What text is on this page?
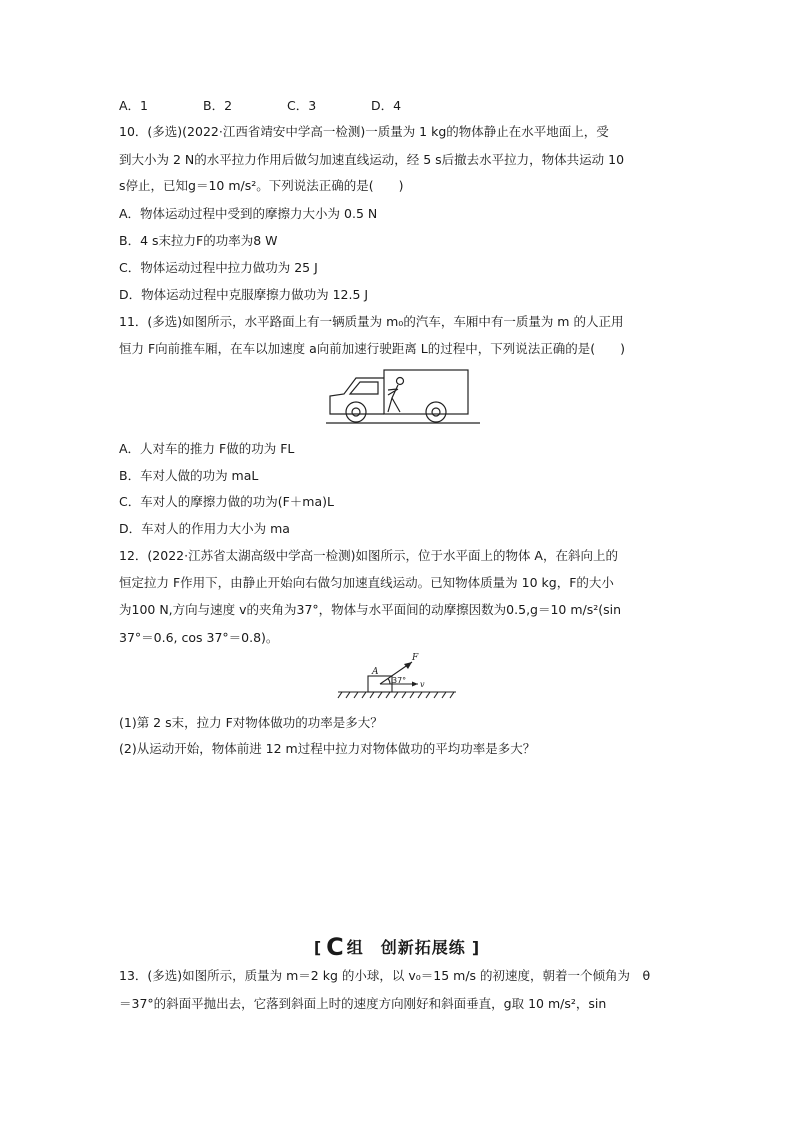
A．1	B．2	C．3	D．4
10．(多选)(2022·江西省靖安中学高一检测)一质量为 1 kg的物体静止在水平地面上，受
到大小为 2 N的水平拉力作用后做匀加速直线运动，经 5 s后撤去水平拉力，物体共运动 10
s停止，已知g＝10 m/s²。下列说法正确的是(　　)
A．物体运动过程中受到的摩擦力大小为 0.5 N
B．4 s末拉力F的功率为8 W
C．物体运动过程中拉力做功为 25 J
D．物体运动过程中克服摩擦力做功为 12.5 J
11．(多选)如图所示，水平路面上有一辆质量为 m₀的汽车，车厢中有一质量为 m 的人正用
恒力 F向前推车厢，在车以加速度 a向前加速行驶距离 L的过程中，下列说法正确的是(　　)
A．人对车的推力 F做的功为 FL
B．车对人做的功为 maL
C．车对人的摩擦力做的功为(F＋ma)L
D．车对人的作用力大小为 ma
12．(2022·江苏省太湖高级中学高一检测)如图所示，位于水平面上的物体 A，在斜向上的
恒定拉力 F作用下，由静止开始向右做匀加速直线运动。已知物体质量为 10 kg，F的大小
为100 N,方向与速度 v的夹角为37°，物体与水平面间的动摩擦因数为0.5,g＝10 m/s²(sin
37°＝0.6, cos 37°＝0.8)。
A
F
37° v
(1)第 2 s末，拉力 F对物体做功的功率是多大？
(2)从运动开始，物体前进 12 m过程中拉力对物体做功的平均功率是多大？
[ C 组　创新拓展练 ]
13．(多选)如图所示，质量为 m＝2 kg 的小球，以 v₀＝15 m/s 的初速度，朝着一个倾角为　θ
＝37°的斜面平抛出去，它落到斜面上时的速度方向刚好和斜面垂直，g取 10 m/s²，sin
